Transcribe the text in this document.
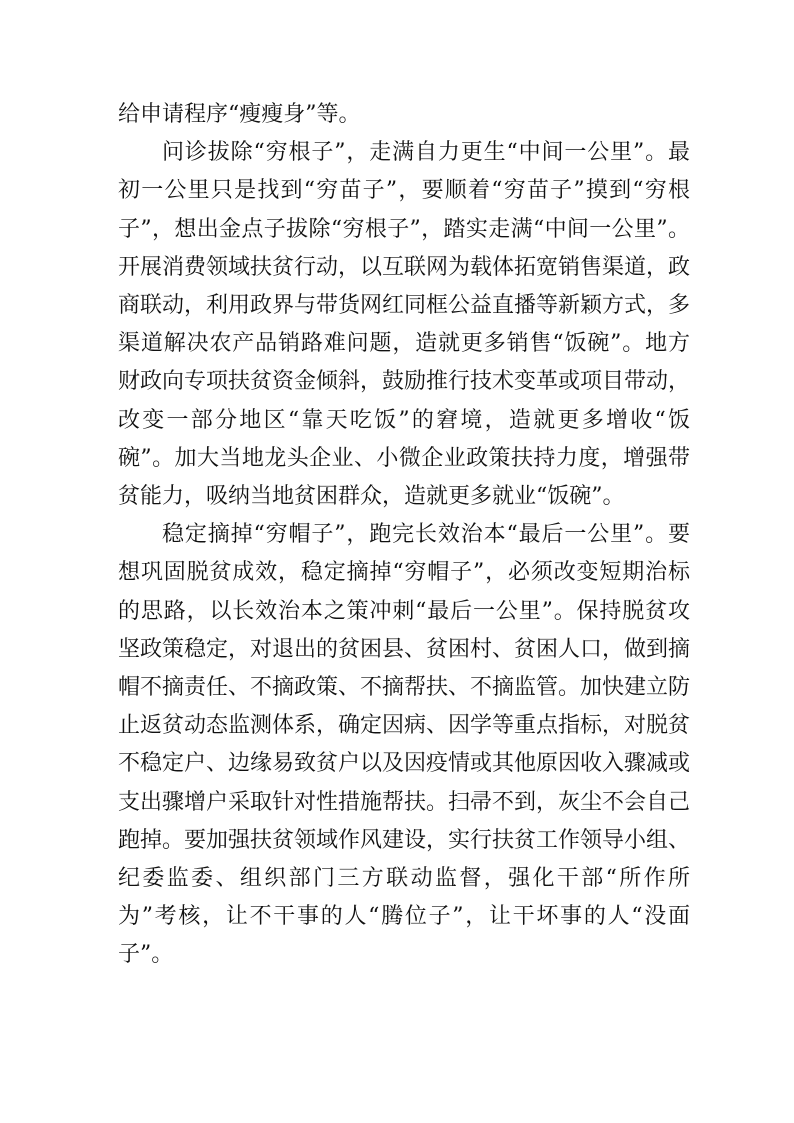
给申请程序“瘦瘦身”等。

问诊拔除“穷根子”，走满自力更生“中间一公里”。最初一公里只是找到“穷苗子”，要顺着“穷苗子”摸到“穷根子”，想出金点子拔除“穷根子”，踏实走满“中间一公里”。开展消费领域扶贫行动，以互联网为载体拓宽销售渠道，政商联动，利用政界与带货网红同框公益直播等新颖方式，多渠道解决农产品销路难问题，造就更多销售“饭碗”。地方财政向专项扶贫资金倾斜，鼓励推行技术变革或项目带动，改变一部分地区“靠天吃饭”的窘境，造就更多增收“饭碗”。加大当地龙头企业、小微企业政策扶持力度，增强带贫能力，吸纳当地贫困群众，造就更多就业“饭碗”。

稳定摘掉“穷帽子”，跑完长效治本“最后一公里”。要想巩固脱贫成效，稳定摘掉“穷帽子”，必须改变短期治标的思路，以长效治本之策冲刺“最后一公里”。保持脱贫攻坚政策稳定，对退出的贫困县、贫困村、贫困人口，做到摘帽不摘责任、不摘政策、不摘帮扶、不摘监管。加快建立防止返贫动态监测体系，确定因病、因学等重点指标，对脱贫不稳定户、边缘易致贫户以及因疫情或其他原因收入骤减或支出骤增户采取针对性措施帮扶。扫帚不到，灰尘不会自己跑掉。要加强扶贫领域作风建设，实行扶贫工作领导小组、纪委监委、组织部门三方联动监督，强化干部“所作所为”考核，让不干事的人“腾位子”，让干坏事的人“没面子”。
